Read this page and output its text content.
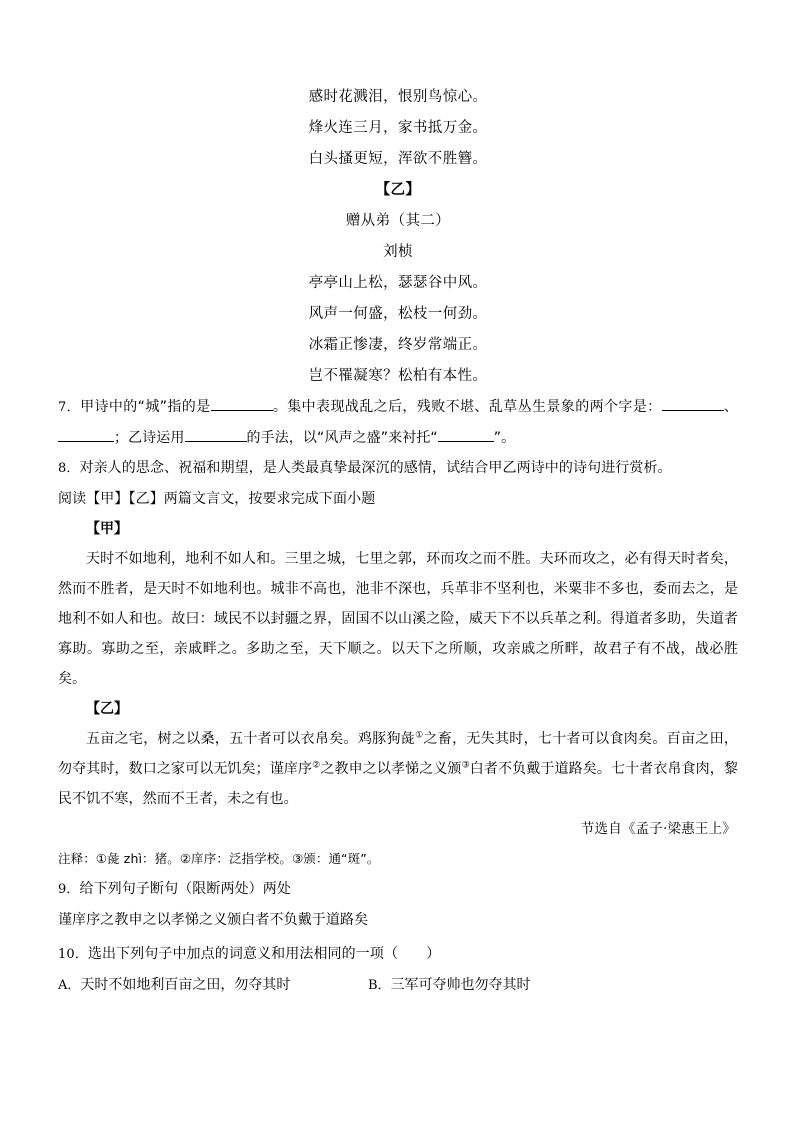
感时花溅泪，恨别鸟惊心。
烽火连三月，家书抵万金。
白头搔更短，浑欲不胜簪。
【乙】
赠从弟（其二）
刘桢
亭亭山上松，瑟瑟谷中风。
风声一何盛，松枝一何劲。
冰霜正惨凄，终岁常端正。
岂不罹凝寒？松柏有本性。
7．甲诗中的“城”指的是	。集中表现战乱之后，残败不堪、乱草丛生景象的两个字是：	、；乙诗运用	的手法，以“风声之盛”来衬托“	”。
8．对亲人的思念、祝福和期望，是人类最真挚最深沉的感情，试结合甲乙两诗中的诗句进行赏析。
阅读【甲】【乙】两篇文言文，按要求完成下面小题
【甲】
天时不如地利，地利不如人和。三里之城，七里之郭，环而攻之而不胜。夫环而攻之，必有得天时者矣，然而不胜者，是天时不如地利也。城非不高也，池非不深也，兵革非不坚利也，米粟非不多也，委而去之，是地利不如人和也。故曰：域民不以封疆之界，固国不以山溪之险，威天下不以兵革之利。得道者多助，失道者寡助。寡助之至，亲戚畔之。多助之至，天下顺之。以天下之所顺，攻亲戚之所畔，故君子有不战，战必胜矣。
【乙】
五亩之宅，树之以桑，五十者可以衣帛矣。鸡豚狗彘①之畜，无失其时，七十者可以食肉矣。百亩之田，勿夺其时，数口之家可以无饥矣；谨庠序②之教申之以孝悌之义颁③白者不负戴于道路矣。七十者衣帛食肉，黎民不饥不寒，然而不王者，未之有也。
节选自《孟子·梁惠王上》
注释：①彘 zhì：猪。②庠序：泛指学校。③颁：通“斑”。
9．给下列句子断句（限断两处）两处
谨庠序之教申之以孝悌之义颁白者不负戴于道路矣
10．选出下列句子中加点的词意义和用法相同的一项（　　）
A．天时不如地利百亩之田，勿夺其时	B．三军可夺帅也勿夺其时
